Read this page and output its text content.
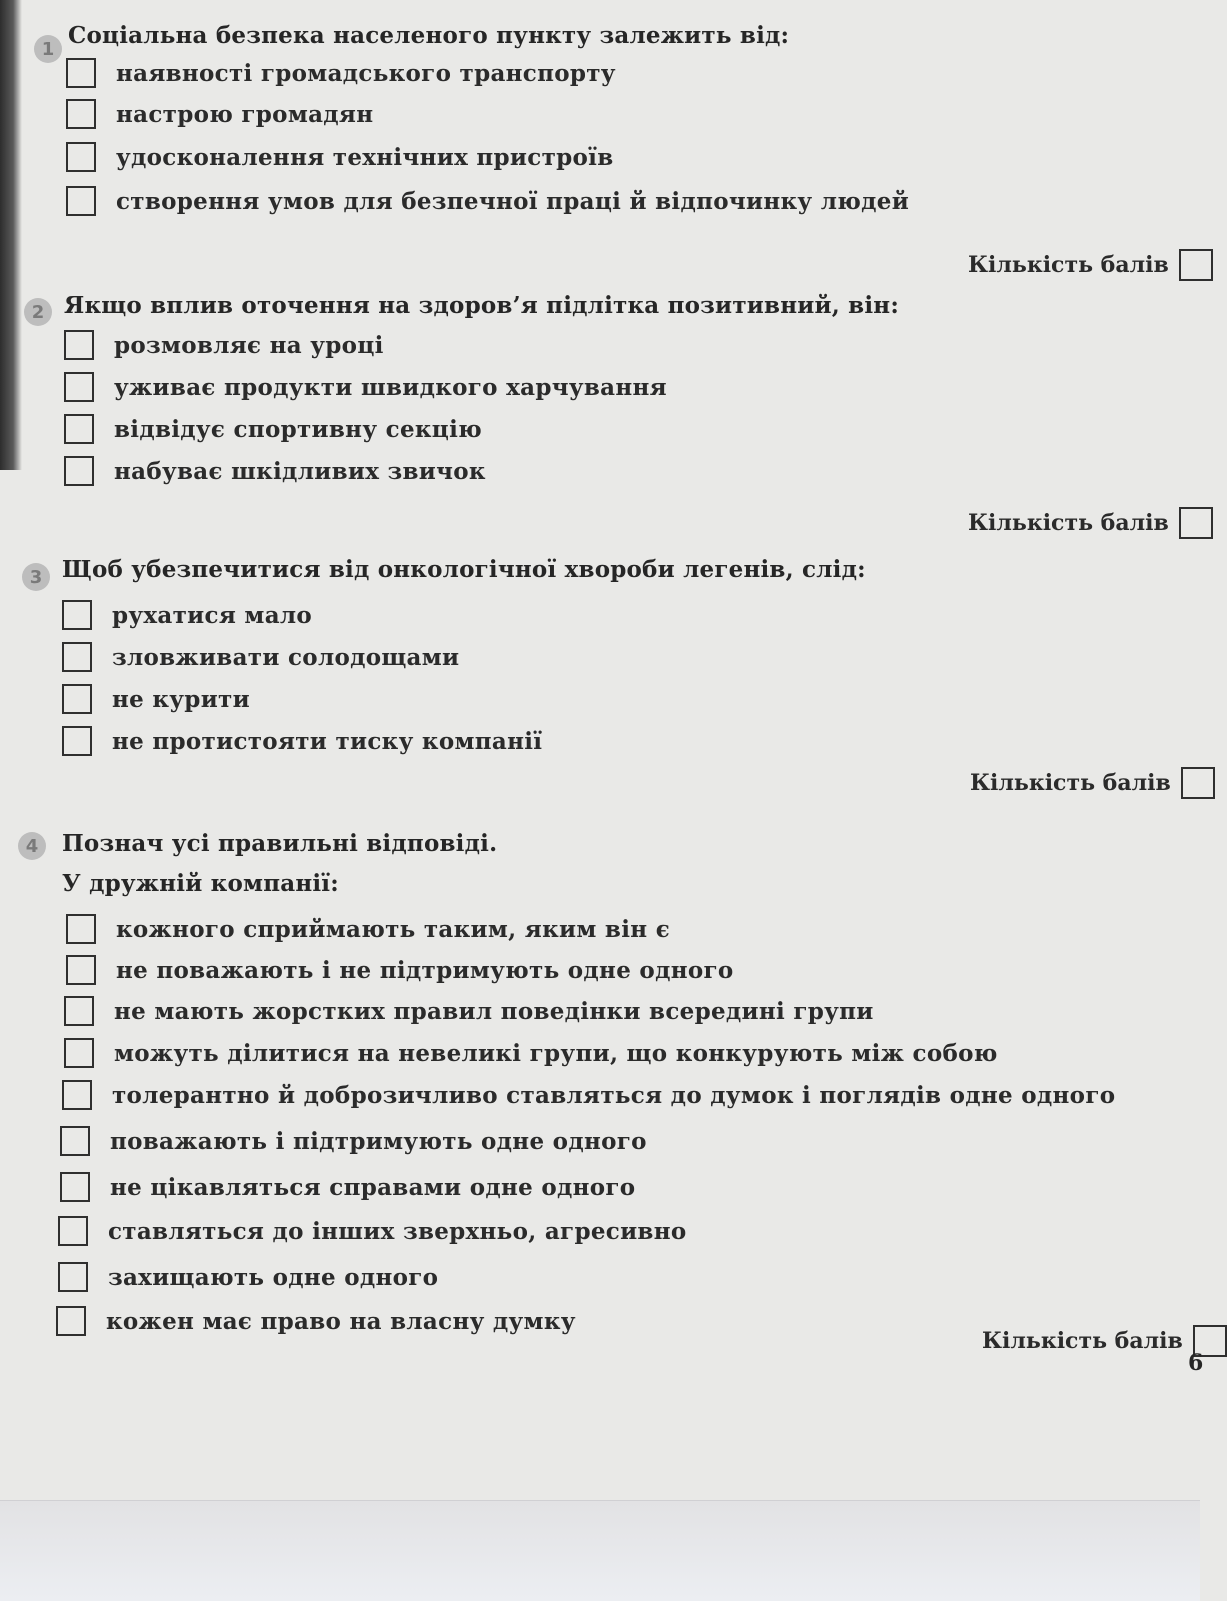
1 Соціальна безпека населеного пункту залежить від:
наявності громадського транспорту
настрою громадян
удосконалення технічних пристроїв
створення умов для безпечної праці й відпочинку людей
Кількість балів
2 Якщо вплив оточення на здоров’я підлітка позитивний, він:
розмовляє на уроці
уживає продукти швидкого харчування
відвідує спортивну секцію
набуває шкідливих звичок
Кількість балів
3 Щоб убезпечитися від онкологічної хвороби легенів, слід:
рухатися мало
зловживати солодощами
не курити
не протистояти тиску компанії
Кількість балів
4	Познач усі правильні відповіді.
У дружній компанії:
кожного сприймають таким, яким він є
не поважають і не підтримують одне одного
не мають жорстких правил поведінки всередині групи
можуть ділитися на невеликі групи, що конкурують між собою
толерантно й доброзичливо ставляться до думок і поглядів одне одного
поважають і підтримують одне одного
не цікавляться справами одне одного
ставляться до інших зверхньо, агресивно
захищають одне одного
кожен має право на власну думку
Кількість балів
6
